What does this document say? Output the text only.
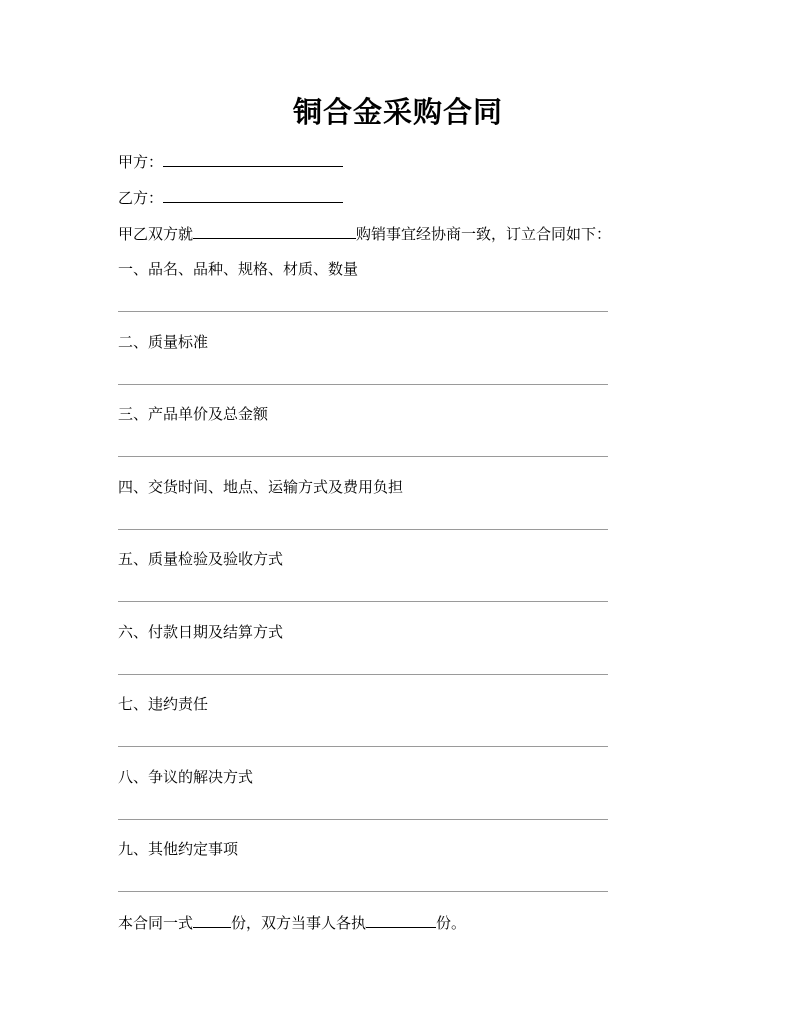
铜合金采购合同
甲方：
乙方：
甲乙双方就	购销事宜经协商一致，订立合同如下：
一、品名、品种、规格、材质、数量
二、质量标准
三、产品单价及总金额
四、交货时间、地点、运输方式及费用负担
五、质量检验及验收方式
六、付款日期及结算方式
七、违约责任
八、争议的解决方式
九、其他约定事项
本合同一式	份，双方当事人各执	份。
